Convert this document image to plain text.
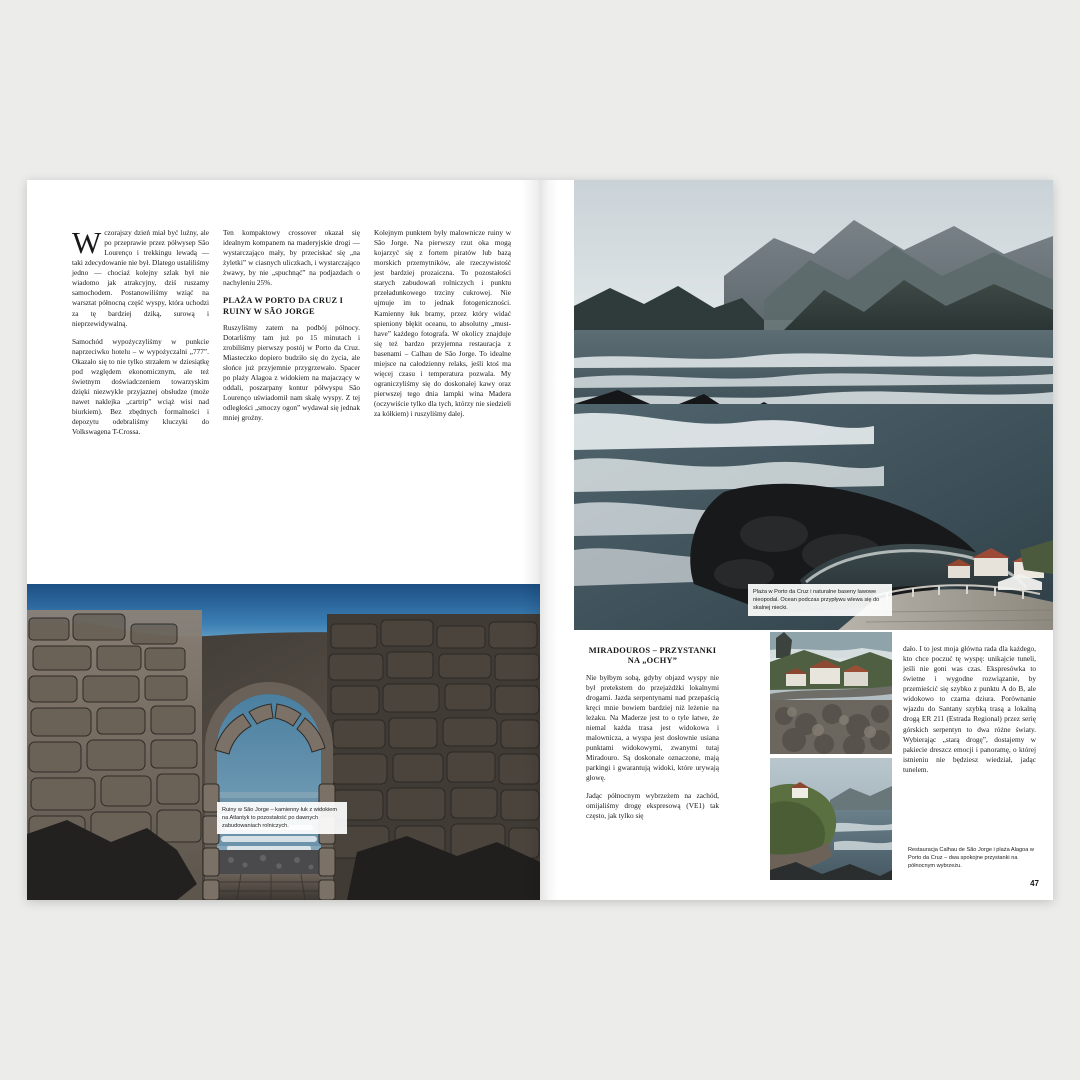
Wczorajszy dzień miał być luźny, ale po przeprawie przez półwysep São Lourenço i trekkingu lewadą — taki zdecydowanie nie był. Dlatego ustaliliśmy jedno — chociaż kolejny szlak był nie wiadomo jak atrakcyjny, dziś ruszamy samochodem. Postanowiliśmy wziąć na warsztat północną część wyspy, która uchodzi za tę bardziej dziką, surową i nieprzewidywalną.

Samochód wypożyczyliśmy w punkcie naprzeciwko hotelu – w wypożyczalni „777”. Okazało się to nie tylko strzałem w dziesiątkę pod względem ekonomicznym, ale też świetnym doświadczeniem towarzyskim dzięki niezwykle przyjaznej obsłudze (może nawet naklejka „cartrip” wciąż wisi nad biurkiem). Bez zbędnych formalności i depozytu odebraliśmy kluczyki do Volkswagena T-Crossa.

Ten kompaktowy crossover okazał się idealnym kompanem na maderyjskie drogi — wystarczająco mały, by przeciskać się „na żyletki” w ciasnych uliczkach, i wystarczająco żwawy, by nie „spuchnąć” na podjazdach o nachyleniu 25%.

PLAŻA W PORTO DA CRUZ I RUINY W SÃO JORGE

Ruszyliśmy zatem na podbój północy. Dotarliśmy tam już po 15 minutach i zrobiliśmy pierwszy postój w Porto da Cruz. Miasteczko dopiero budziło się do życia, ale słońce już przyjemnie przygrzewało. Spacer po plaży Alagoa z widokiem na majaczący w oddali, poszarpany kontur półwyspu São Lourenço uświadomił nam skalę wyspy. Z tej odległości „smoczy ogon” wydawał się jednak mniej groźny.

Kolejnym punktem były malownicze ruiny w São Jorge. Na pierwszy rzut oka mogą kojarzyć się z fortem piratów lub bazą morskich przemytników, ale rzeczywistość jest bardziej prozaiczna. To pozostałości starych zabudowań rolniczych i punktu przeładunkowego trzciny cukrowej. Nie ujmuje im to jednak fotogeniczności. Kamienny łuk bramy, przez który widać spieniony błękit oceanu, to absolutny „must-have” każdego fotografa. W okolicy znajduje się też bardzo przyjemna restauracja z basenami – Calhau de São Jorge. To idealne miejsce na całodzienny relaks, jeśli ktoś ma więcej czasu i temperatura pozwala. My ograniczyliśmy się do doskonałej kawy oraz pierwszej tego dnia lampki wina Madera (oczywiście tylko dla tych, którzy nie siedzieli za kółkiem) i ruszyliśmy dalej.

Ruiny w São Jorge – kamienny łuk z widokiem na Atlantyk to pozostałość po dawnych zabudowaniach rolniczych.
Plaża w Porto da Cruz i naturalne baseny lawowe nieopodal. Ocean podczas przypływu wlewa się do skalnej niecki.
MIRADOUROS – PRZYSTANKI NA „OCHY”

Nie byłbym sobą, gdyby objazd wyspy nie był pretekstem do przejażdżki lokalnymi drogami. Jazda serpentynami nad przepaścią kręci mnie bowiem bardziej niż leżenie na leżaku. Na Maderze jest to o tyle łatwe, że niemal każda trasa jest widokowa i malownicza, a wyspa jest dosłownie usiana punktami widokowymi, zwanymi tutaj Miradouro. Są doskonale oznaczone, mają parkingi i gwarantują widoki, które urywają głowę.

Jadąc północnym wybrzeżem na zachód, omijaliśmy drogę ekspresową (VE1) tak często, jak tylko się

dało. I to jest moja główna rada dla każdego, kto chce poczuć tę wyspę: unikajcie tuneli, jeśli nie goni was czas. Ekspresówka to świetne i wygodne rozwiązanie, by przemieścić się szybko z punktu A do B, ale widokowo to czarna dziura. Porównanie wjazdu do Santany szybką trasą a lokalną drogą ER 211 (Estrada Regional) przez serię górskich serpentyn to dwa różne światy. Wybierając „starą drogę”, dostajemy w pakiecie dreszcz emocji i panoramę, o której istnieniu nie będziesz wiedział, jadąc tunelem.

Restauracja Calhau de São Jorge i plaża Alagoa w Porto da Cruz – dwa spokojne przystanki na północnym wybrzeżu.
47
